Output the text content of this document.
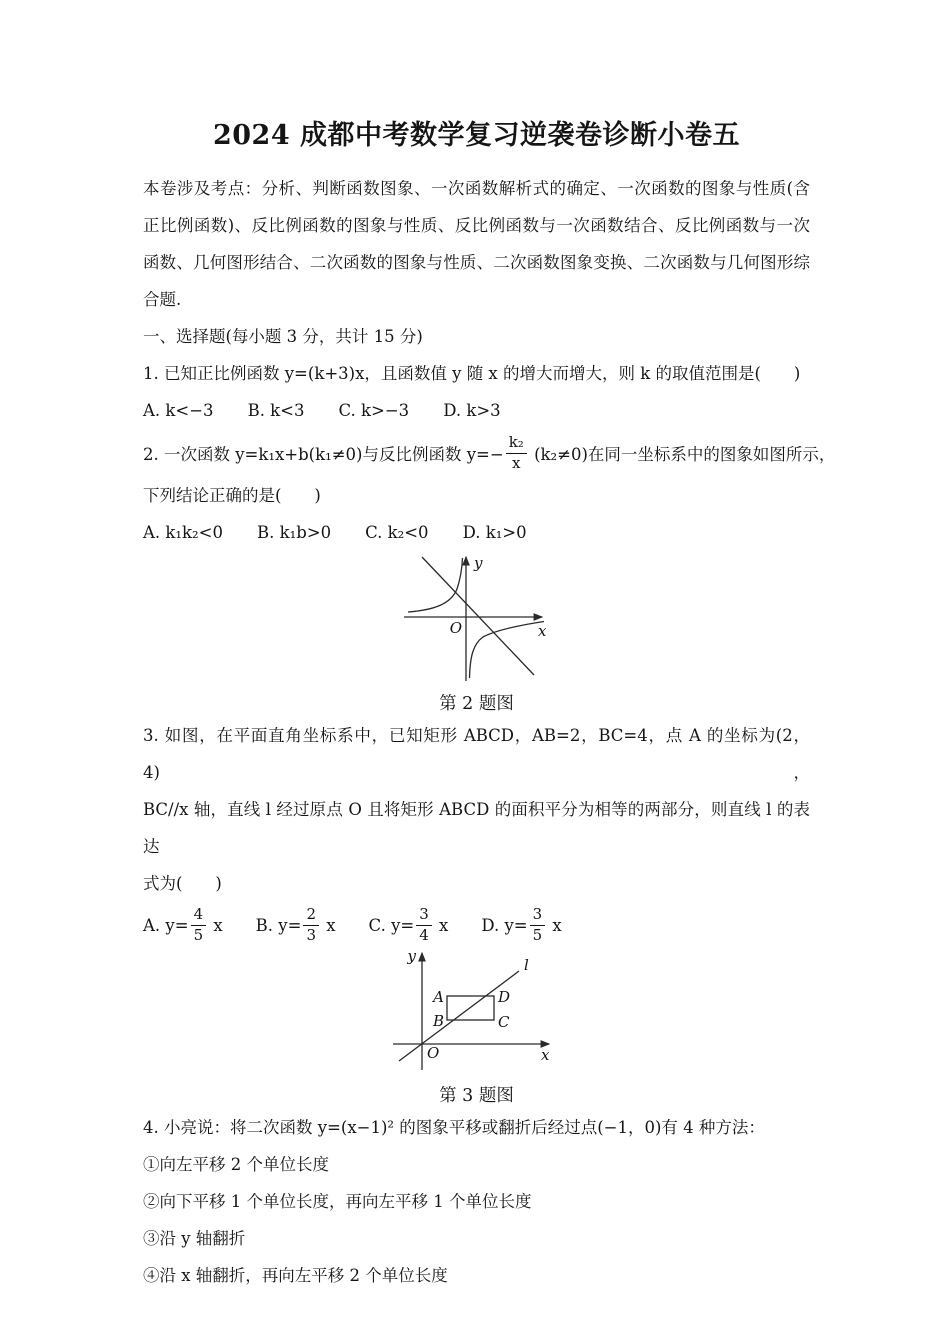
2024 成都中考数学复习逆袭卷诊断小卷五
本卷涉及考点：分析、判断函数图象、一次函数解析式的确定、一次函数的图象与性质(含
正比例函数)、反比例函数的图象与性质、反比例函数与一次函数结合、反比例函数与一次
函数、几何图形结合、二次函数的图象与性质、二次函数图象变换、二次函数与几何图形综
合题.
一、选择题(每小题 3 分，共计 15 分)
1. 已知正比例函数 y=(k+3)x，且函数值 y 随 x 的增大而增大，则 k 的取值范围是(　　)
A. k<−3 B. k<3 C. k>−3 D. k>3
2. 一次函数 y=k₁x+b(k₁≠0)与反比例函数 $y=- \frac{\text{k₂}}{x} (k_2\ne 0)$在同一坐标系中的图象如图所示，
下列结论正确的是(　　)
A. k₁k₂<0 B. k₁b>0 C. k₂<0 D. k₁>0
y
x
O
第 2 题图
3. 如图，在平面直角坐标系中，已知矩形 ABCD，AB=2，BC=4，点 A 的坐标为(2，4)，
BC//x 轴，直线 l 经过原点 O 且将矩形 ABCD 的面积平分为相等的两部分，则直线 l 的表达
式为(　　)
A. $y= \frac{4}{5}$ x B. $y= \frac{2}{3}$ x C. $y= \frac{3}{4}$ x D. $y= \frac{3}{5}$ x
y
x
O
l
A
B	C
D
第 3 题图
4. 小亮说：将二次函数 y=(x−1)² 的图象平移或翻折后经过点(−1，0)有 4 种方法：
①向左平移 2 个单位长度
②向下平移 1 个单位长度，再向左平移 1 个单位长度
③沿 y 轴翻折
④沿 x 轴翻折，再向左平移 2 个单位长度
